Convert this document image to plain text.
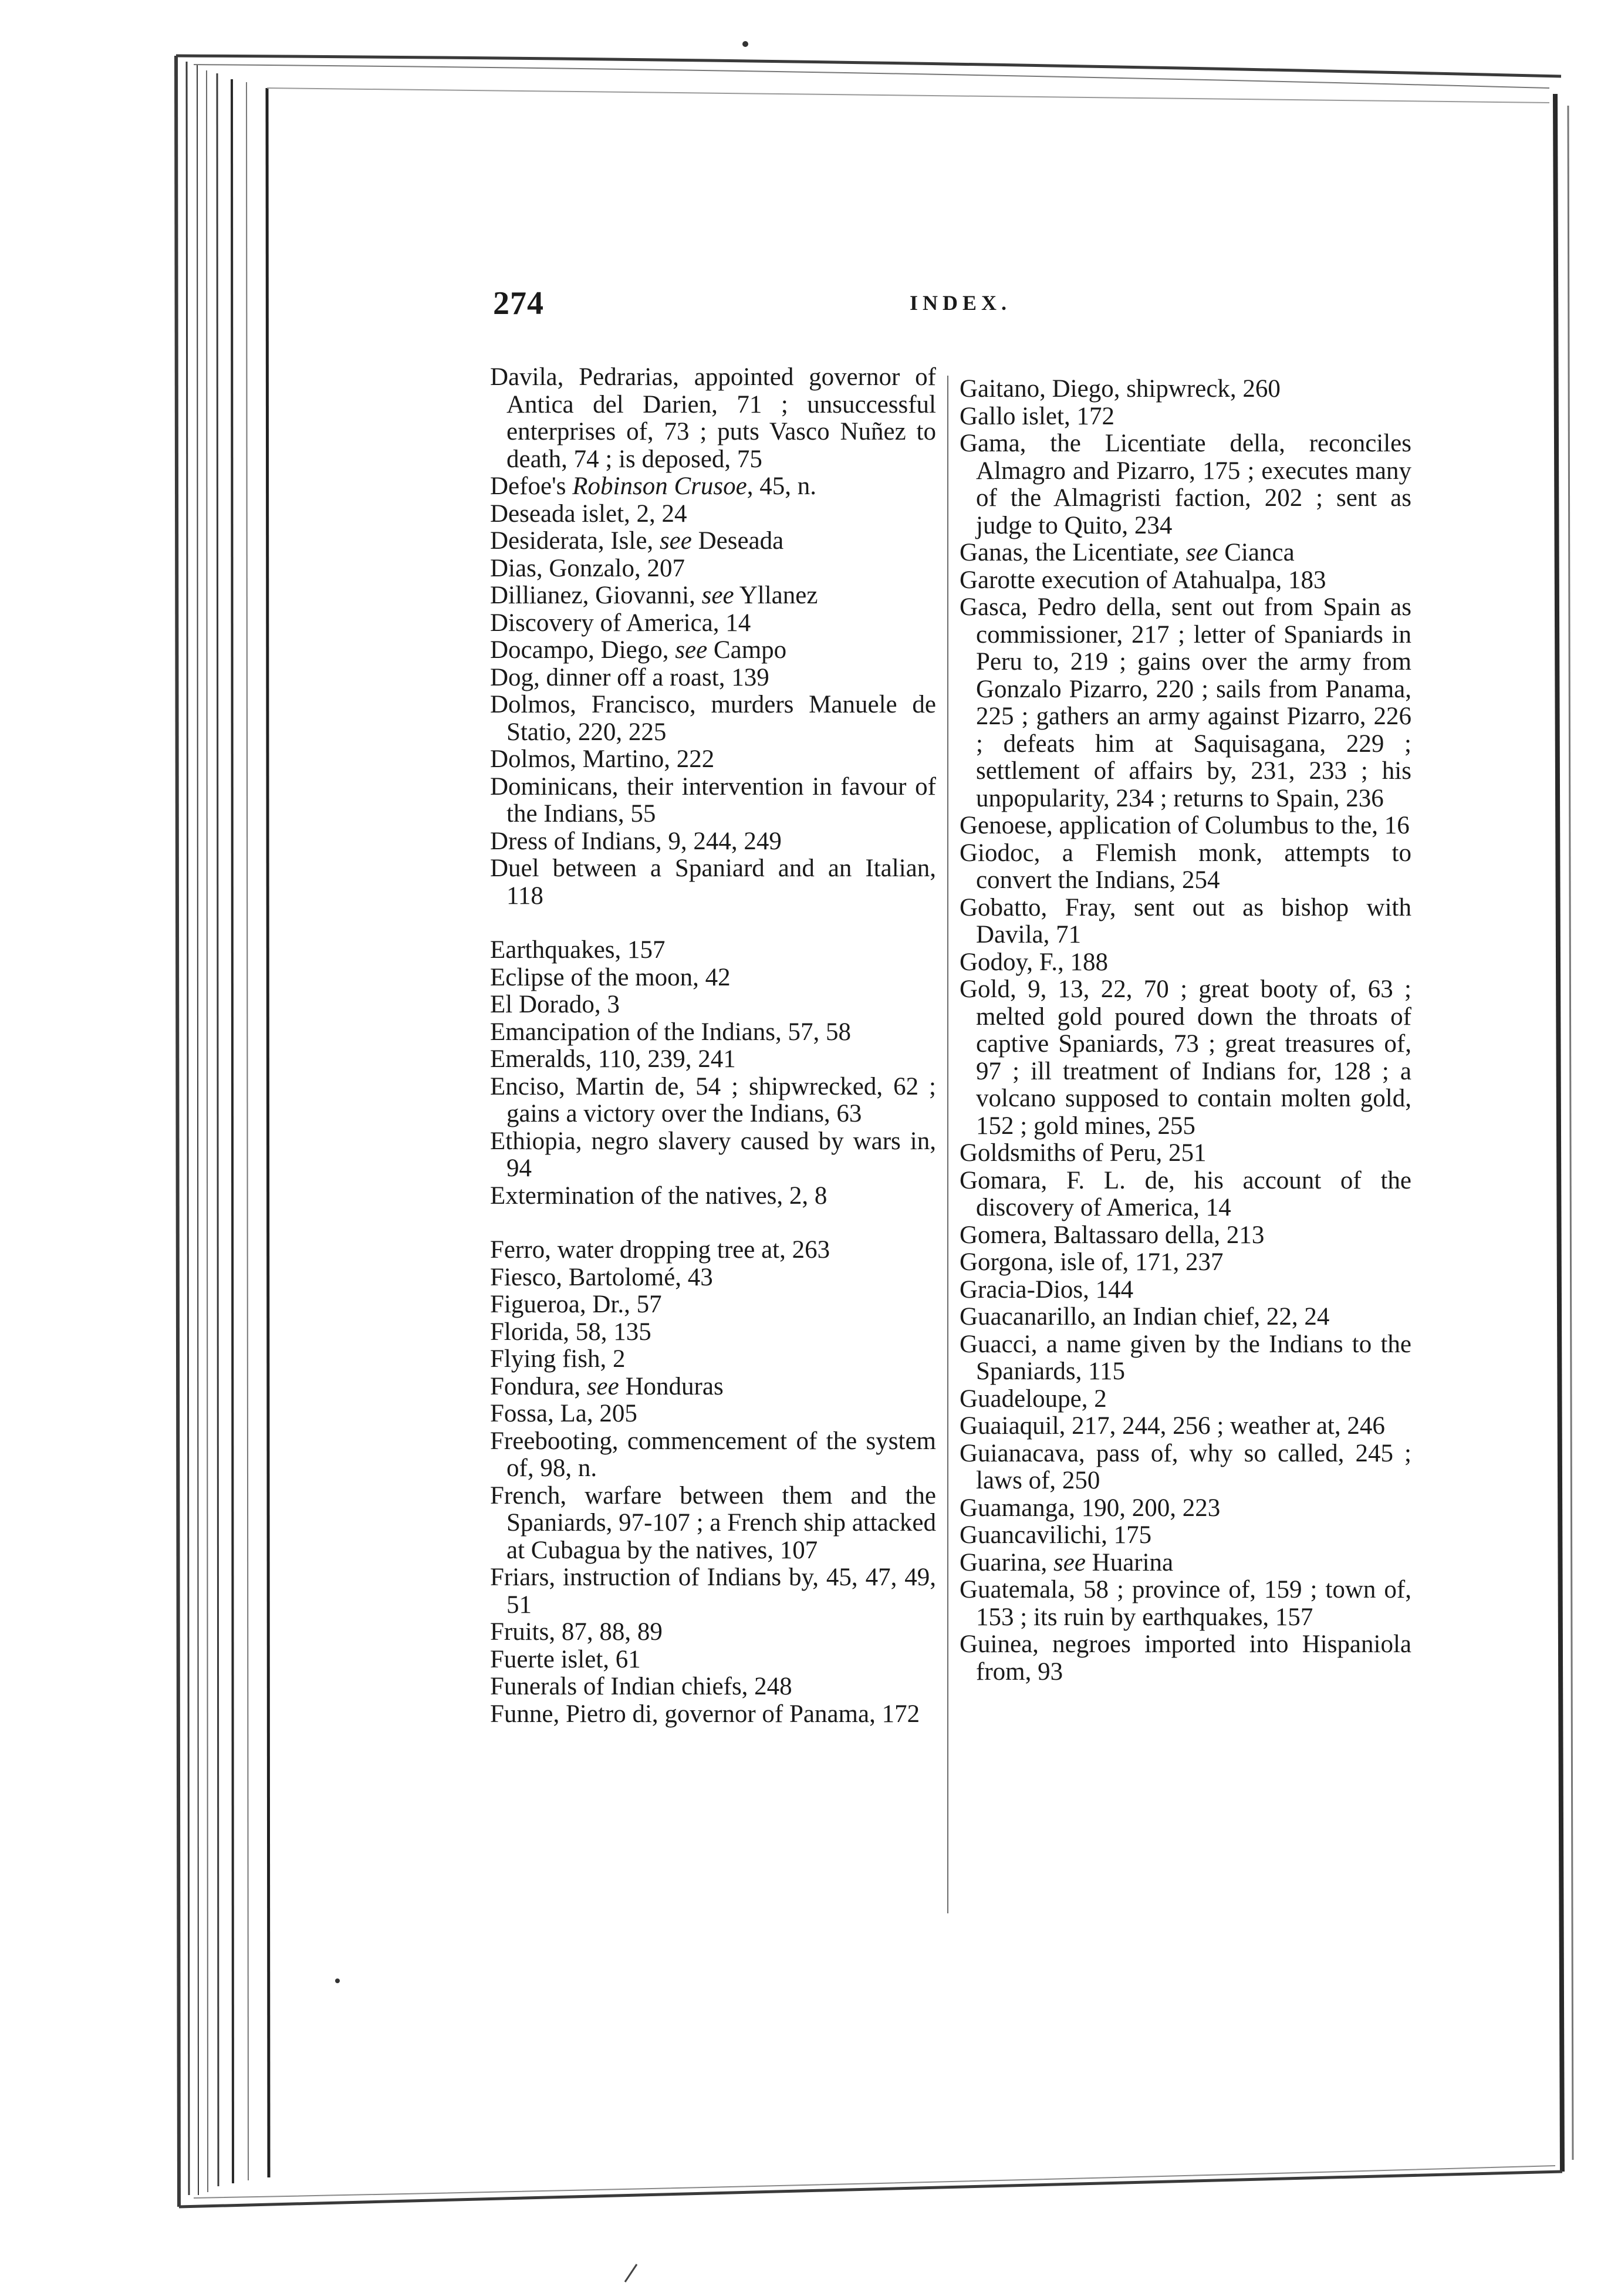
274	INDEX.

Davila, Pedrarias, appointed governor of Antica del Darien, 71 ; unsuccessful enterprises of, 73 ; puts Vasco Nuñez to death, 74 ; is deposed, 75

Defoe's Robinson Crusoe, 45, n.

Deseada islet, 2, 24

Desiderata, Isle, see Deseada

Dias, Gonzalo, 207

Dillianez, Giovanni, see Yllanez

Discovery of America, 14

Docampo, Diego, see Campo

Dog, dinner off a roast, 139

Dolmos, Francisco, murders Manuele de Statio, 220, 225

Dolmos, Martino, 222

Dominicans, their intervention in favour of the Indians, 55

Dress of Indians, 9, 244, 249

Duel between a Spaniard and an Italian, 118

Earthquakes, 157

Eclipse of the moon, 42

El Dorado, 3

Emancipation of the Indians, 57, 58

Emeralds, 110, 239, 241

Enciso, Martin de, 54 ; shipwrecked, 62 ; gains a victory over the Indians, 63

Ethiopia, negro slavery caused by wars in, 94

Extermination of the natives, 2, 8

Ferro, water dropping tree at, 263

Fiesco, Bartolomé, 43

Figueroa, Dr., 57

Florida, 58, 135

Flying fish, 2

Fondura, see Honduras

Fossa, La, 205

Freebooting, commencement of the system of, 98, n.

French, warfare between them and the Spaniards, 97-107 ; a French ship attacked at Cubagua by the natives, 107

Friars, instruction of Indians by, 45, 47, 49, 51

Fruits, 87, 88, 89

Fuerte islet, 61

Funerals of Indian chiefs, 248

Funne, Pietro di, governor of Panama, 172

Gaitano, Diego, shipwreck, 260

Gallo islet, 172

Gama, the Licentiate della, reconciles Almagro and Pizarro, 175 ; executes many of the Almagristi faction, 202 ; sent as judge to Quito, 234

Ganas, the Licentiate, see Cianca

Garotte execution of Atahualpa, 183

Gasca, Pedro della, sent out from Spain as commissioner, 217 ; letter of Spaniards in Peru to, 219 ; gains over the army from Gonzalo Pizarro, 220 ; sails from Panama, 225 ; gathers an army against Pizarro, 226 ; defeats him at Saquisagana, 229 ; settlement of affairs by, 231, 233 ; his unpopularity, 234 ; returns to Spain, 236

Genoese, application of Columbus to the, 16

Giodoc, a Flemish monk, attempts to convert the Indians, 254

Gobatto, Fray, sent out as bishop with Davila, 71

Godoy, F., 188

Gold, 9, 13, 22, 70 ; great booty of, 63 ; melted gold poured down the throats of captive Spaniards, 73 ; great treasures of, 97 ; ill treatment of Indians for, 128 ; a volcano supposed to contain molten gold, 152 ; gold mines, 255

Goldsmiths of Peru, 251

Gomara, F. L. de, his account of the discovery of America, 14

Gomera, Baltassaro della, 213

Gorgona, isle of, 171, 237

Gracia-Dios, 144

Guacanarillo, an Indian chief, 22, 24

Guacci, a name given by the Indians to the Spaniards, 115

Guadeloupe, 2

Guaiaquil, 217, 244, 256 ; weather at, 246

Guianacava, pass of, why so called, 245 ; laws of, 250

Guamanga, 190, 200, 223

Guancavilichi, 175

Guarina, see Huarina

Guatemala, 58 ; province of, 159 ; town of, 153 ; its ruin by earthquakes, 157

Guinea, negroes imported into Hispaniola from, 93
